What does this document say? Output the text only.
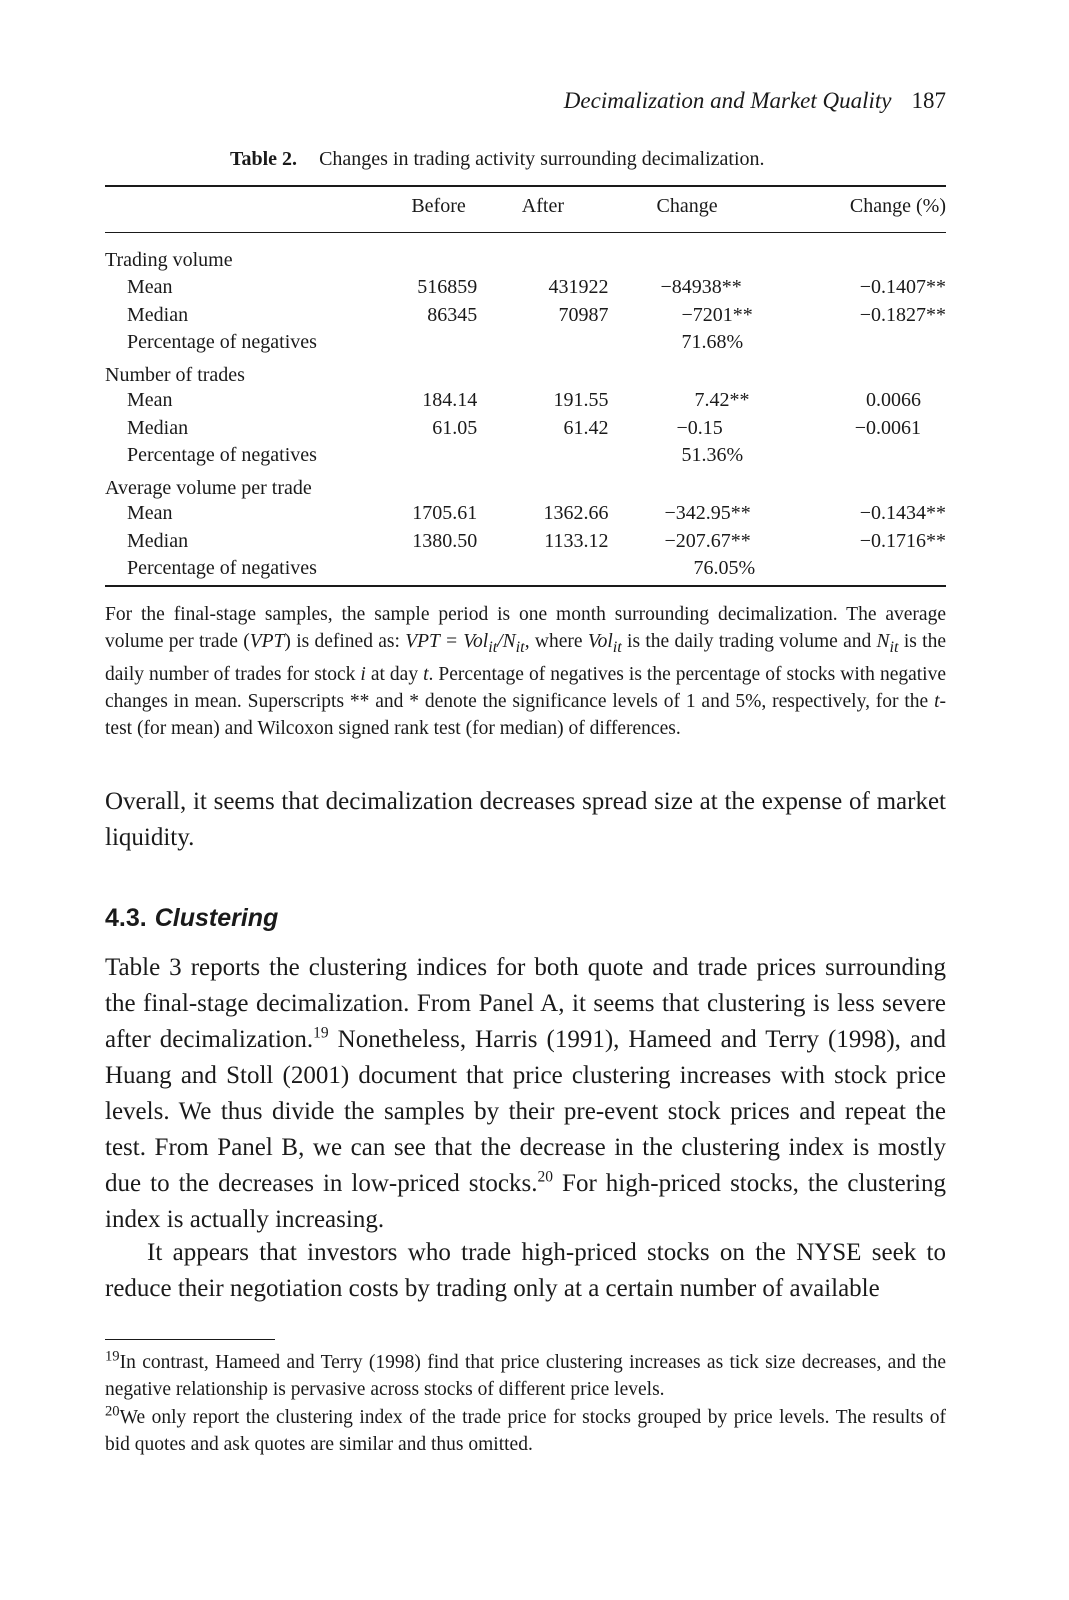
Decimalization and Market Quality 187
Table 2. Changes in trading activity surrounding decimalization.
	Before	After	Change	Change (%)

Trading volume				
Mean	516859	431922	−84938**	−0.1407**
Median	86345	70987	−7201**	−0.1827**
Percentage of negatives			71.68%	
Number of trades				
Mean	184.14	191.55	7.42**	0.0066
Median	61.05	61.42	−0.15	−0.0061
Percentage of negatives			51.36%	
Average volume per trade				
Mean	1705.61	1362.66	−342.95**	−0.1434**
Median	1380.50	1133.12	−207.67**	−0.1716**
Percentage of negatives			76.05%	
For the final-stage samples, the sample period is one month surrounding decimalization. The average volume per trade (VPT) is defined as: VPT = $Vol_{it}/N_{it}$, where Vol$_{it}$ is the daily trading volume and $N_{it}$ is the daily number of trades for stock i at day t. Percentage of negatives is the percentage of stocks with negative changes in mean. Superscripts ** and * denote the significance levels of 1 and 5%, respectively, for the t-test (for mean) and Wilcoxon signed rank test (for median) of differences.

Overall, it seems that decimalization decreases spread size at the expense of market liquidity.

4.3. Clustering

Table 3 reports the clustering indices for both quote and trade prices surrounding the final-stage decimalization. From Panel A, it seems that clustering is less severe after decimalization.$^{19}$ Nonetheless, Harris (1991), Hameed and Terry (1998), and Huang and Stoll (2001) document that price clustering increases with stock price levels. We thus divide the samples by their pre-event stock prices and repeat the test. From Panel B, we can see that the decrease in the clustering index is mostly due to the decreases in low-priced stocks.$^{20}$ For high-priced stocks, the clustering index is actually increasing.

It appears that investors who trade high-priced stocks on the NYSE seek to reduce their negotiation costs by trading only at a certain number of available

$^{19}$In contrast, Hameed and Terry (1998) find that price clustering increases as tick size decreases, and the negative relationship is pervasive across stocks of different price levels.

$^{20}$We only report the clustering index of the trade price for stocks grouped by price levels. The results of bid quotes and ask quotes are similar and thus omitted.
